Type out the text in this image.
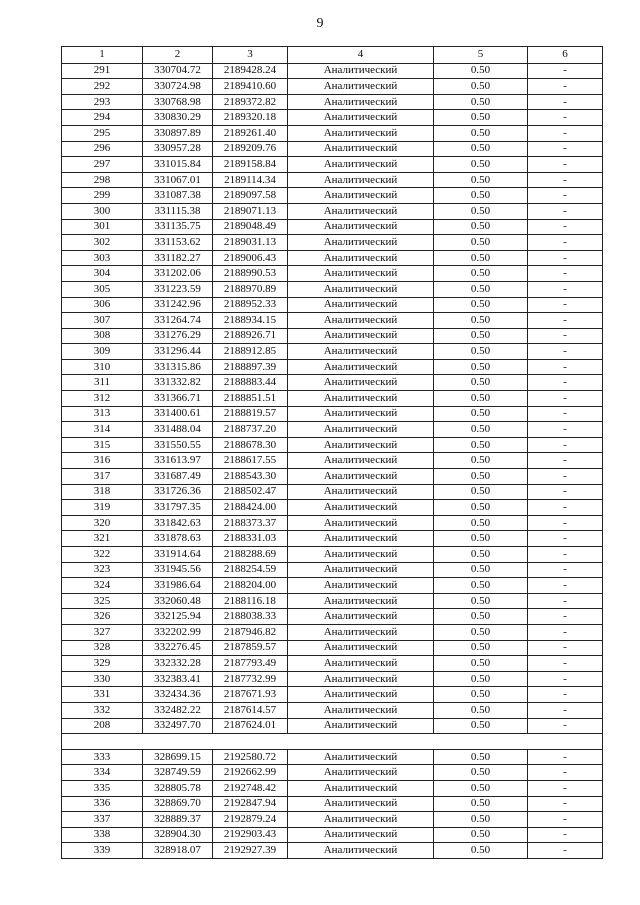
9
1	2	3	4	5	6
291	330704.72	2189428.24	Аналитический	0.50	-
292	330724.98	2189410.60	Аналитический	0.50	-
293	330768.98	2189372.82	Аналитический	0.50	-
294	330830.29	2189320.18	Аналитический	0.50	-
295	330897.89	2189261.40	Аналитический	0.50	-
296	330957.28	2189209.76	Аналитический	0.50	-
297	331015.84	2189158.84	Аналитический	0.50	-
298	331067.01	2189114.34	Аналитический	0.50	-
299	331087.38	2189097.58	Аналитический	0.50	-
300	331115.38	2189071.13	Аналитический	0.50	-
301	331135.75	2189048.49	Аналитический	0.50	-
302	331153.62	2189031.13	Аналитический	0.50	-
303	331182.27	2189006.43	Аналитический	0.50	-
304	331202.06	2188990.53	Аналитический	0.50	-
305	331223.59	2188970.89	Аналитический	0.50	-
306	331242.96	2188952.33	Аналитический	0.50	-
307	331264.74	2188934.15	Аналитический	0.50	-
308	331276.29	2188926.71	Аналитический	0.50	-
309	331296.44	2188912.85	Аналитический	0.50	-
310	331315.86	2188897.39	Аналитический	0.50	-
311	331332.82	2188883.44	Аналитический	0.50	-
312	331366.71	2188851.51	Аналитический	0.50	-
313	331400.61	2188819.57	Аналитический	0.50	-
314	331488.04	2188737.20	Аналитический	0.50	-
315	331550.55	2188678.30	Аналитический	0.50	-
316	331613.97	2188617.55	Аналитический	0.50	-
317	331687.49	2188543.30	Аналитический	0.50	-
318	331726.36	2188502.47	Аналитический	0.50	-
319	331797.35	2188424.00	Аналитический	0.50	-
320	331842.63	2188373.37	Аналитический	0.50	-
321	331878.63	2188331.03	Аналитический	0.50	-
322	331914.64	2188288.69	Аналитический	0.50	-
323	331945.56	2188254.59	Аналитический	0.50	-
324	331986.64	2188204.00	Аналитический	0.50	-
325	332060.48	2188116.18	Аналитический	0.50	-
326	332125.94	2188038.33	Аналитический	0.50	-
327	332202.99	2187946.82	Аналитический	0.50	-
328	332276.45	2187859.57	Аналитический	0.50	-
329	332332.28	2187793.49	Аналитический	0.50	-
330	332383.41	2187732.99	Аналитический	0.50	-
331	332434.36	2187671.93	Аналитический	0.50	-
332	332482.22	2187614.57	Аналитический	0.50	-
208	332497.70	2187624.01	Аналитический	0.50	-

333	328699.15	2192580.72	Аналитический	0.50	-
334	328749.59	2192662.99	Аналитический	0.50	-
335	328805.78	2192748.42	Аналитический	0.50	-
336	328869.70	2192847.94	Аналитический	0.50	-
337	328889.37	2192879.24	Аналитический	0.50	-
338	328904.30	2192903.43	Аналитический	0.50	-
339	328918.07	2192927.39	Аналитический	0.50	-
